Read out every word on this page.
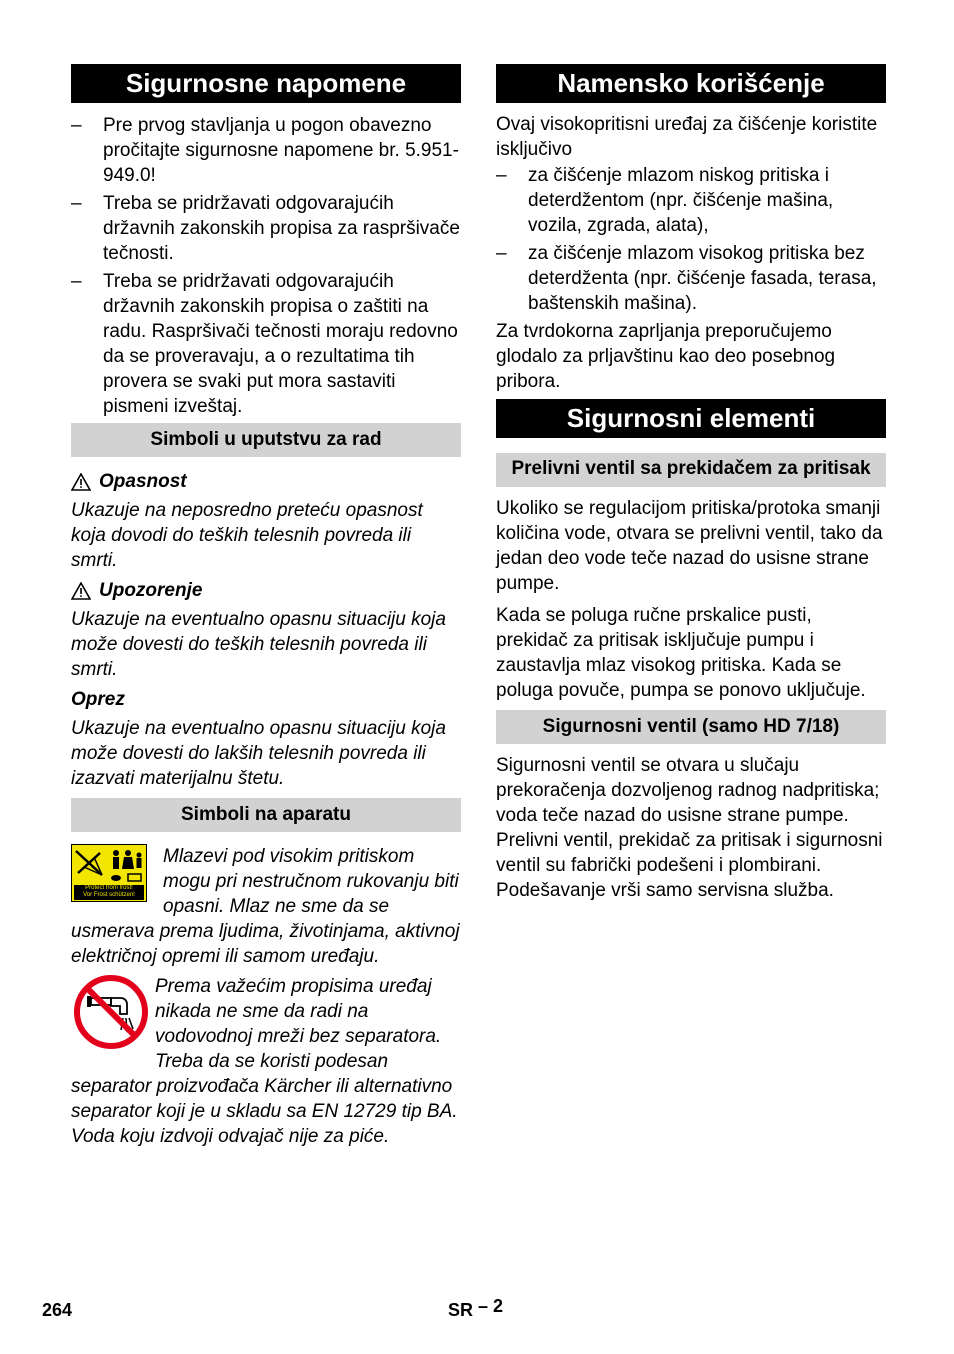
Sigurnosne napomene
– Pre prvog stavljanja u pogon obavezno pročitajte sigurnosne napomene br. 5.951-949.0!
– Treba se pridržavati odgovarajućih državnih zakonskih propisa za raspršivače tečnosti.
– Treba se pridržavati odgovarajućih državnih zakonskih propisa o zaštiti na radu. Raspršivači tečnosti moraju redovno da se proveravaju, a o rezultatima tih provera se svaki put mora sastaviti pismeni izveštaj.
Simboli u uputstvu za rad
Opasnost

Ukazuje na neposredno preteću opasnost koja dovodi do teških telesnih povreda ili smrti.

Upozorenje

Ukazuje na eventualno opasnu situaciju koja može dovesti do teških telesnih povreda ili smrti.

Oprez

Ukazuje na eventualno opasnu situaciju koja može dovesti do lakših telesnih povreda ili izazvati materijalnu štetu.

Simboli na aparatu
Protect from frost!
Vor Frost schützen!

Mlazevi pod visokim pritiskom mogu pri nestručnom rukovanju biti opasni. Mlaz ne sme da se usmerava prema ljudima, životinjama, aktivnoj električnoj opremi ili samom uređaju.

Prema važećim propisima uređaj nikada ne sme da radi na vodovodnoj mreži bez separatora. Treba da se koristi podesan separator proizvođača Kärcher ili alternativno separator koji je u skladu sa EN 12729 tip BA.

Voda koju izdvoji odvajač nije za piće.

Namensko korišćenje

Ovaj visokopritisni uređaj za čišćenje koristite isključivo

– za čišćenje mlazom niskog pritiska i deterdžentom (npr. čišćenje mašina, vozila, zgrada, alata),
– za čišćenje mlazom visokog pritiska bez deterdženta (npr. čišćenje fasada, terasa, baštenskih mašina).

Za tvrdokorna zaprljanja preporučujemo glodalo za prljavštinu kao deo posebnog pribora.

Sigurnosni elementi
Prelivni ventil sa prekidačem za pritisak

Ukoliko se regulacijom pritiska/protoka smanji količina vode, otvara se prelivni ventil, tako da jedan deo vode teče nazad do usisne strane pumpe.

Kada se poluga ručne prskalice pusti, prekidač za pritisak isključuje pumpu i zaustavlja mlaz visokog pritiska. Kada se poluga povuče, pumpa se ponovo uključuje.

Sigurnosni ventil (samo HD 7/18)

Sigurnosni ventil se otvara u slučaju prekoračenja dozvoljenog radnog nadpritiska; voda teče nazad do usisne strane pumpe.

Prelivni ventil, prekidač za pritisak i sigurnosni ventil su fabrički podešeni i plombirani.

Podešavanje vrši samo servisna služba.

264	SR – 2
